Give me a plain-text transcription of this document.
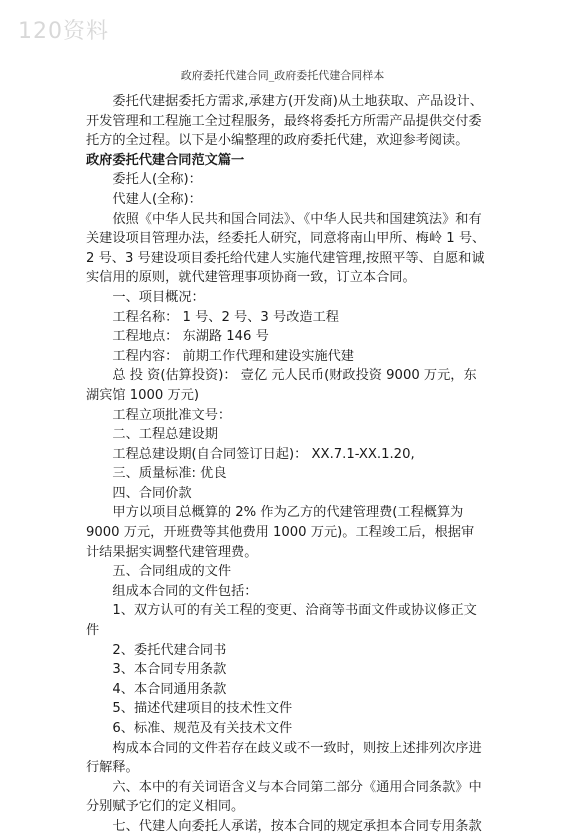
120资料
政府委托代建合同_政府委托代建合同样本

委托代建据委托方需求,承建方(开发商)从土地获取、产品设计、开发管理和工程施工全过程服务，最终将委托方所需产品提供交付委托方的全过程。以下是小编整理的政府委托代建，欢迎参考阅读。

政府委托代建合同范文篇一

委托人(全称)：

代建人(全称)：

依照《中华人民共和国合同法》、《中华人民共和国建筑法》和有关建设项目管理办法，经委托人研究，同意将南山甲所、梅岭 1 号、2 号、3 号建设项目委托给代建人实施代建管理,按照平等、自愿和诚实信用的原则，就代建管理事项协商一致，订立本合同。

一、项目概况：

工程名称： 1 号、2 号、3 号改造工程

工程地点： 东湖路 146 号

工程内容： 前期工作代理和建设实施代建

总 投 资(估算投资)： 壹亿 元人民币(财政投资 9000 万元，东湖宾馆 1000 万元)

工程立项批准文号：

二、工程总建设期

工程总建设期(自合同签订日起)： XX.7.1-XX.1.20,

三、质量标准: 优良

四、合同价款

甲方以项目总概算的 2% 作为乙方的代建管理费(工程概算为 9000 万元，开班费等其他费用 1000 万元)。工程竣工后，根据审计结果据实调整代建管理费。

五、合同组成的文件

组成本合同的文件包括：

1、双方认可的有关工程的变更、洽商等书面文件或协议修正文件

2、委托代建合同书

3、本合同专用条款

4、本合同通用条款

5、描述代建项目的技术性文件

6、标准、规范及有关技术文件

构成本合同的文件若存在歧义或不一致时，则按上述排列次序进行解释。

六、本中的有关词语含义与本合同第二部分《通用合同条款》中分别赋予它们的定义相同。

七、代建人向委托人承诺，按本合同的规定承担本合同专用条款
